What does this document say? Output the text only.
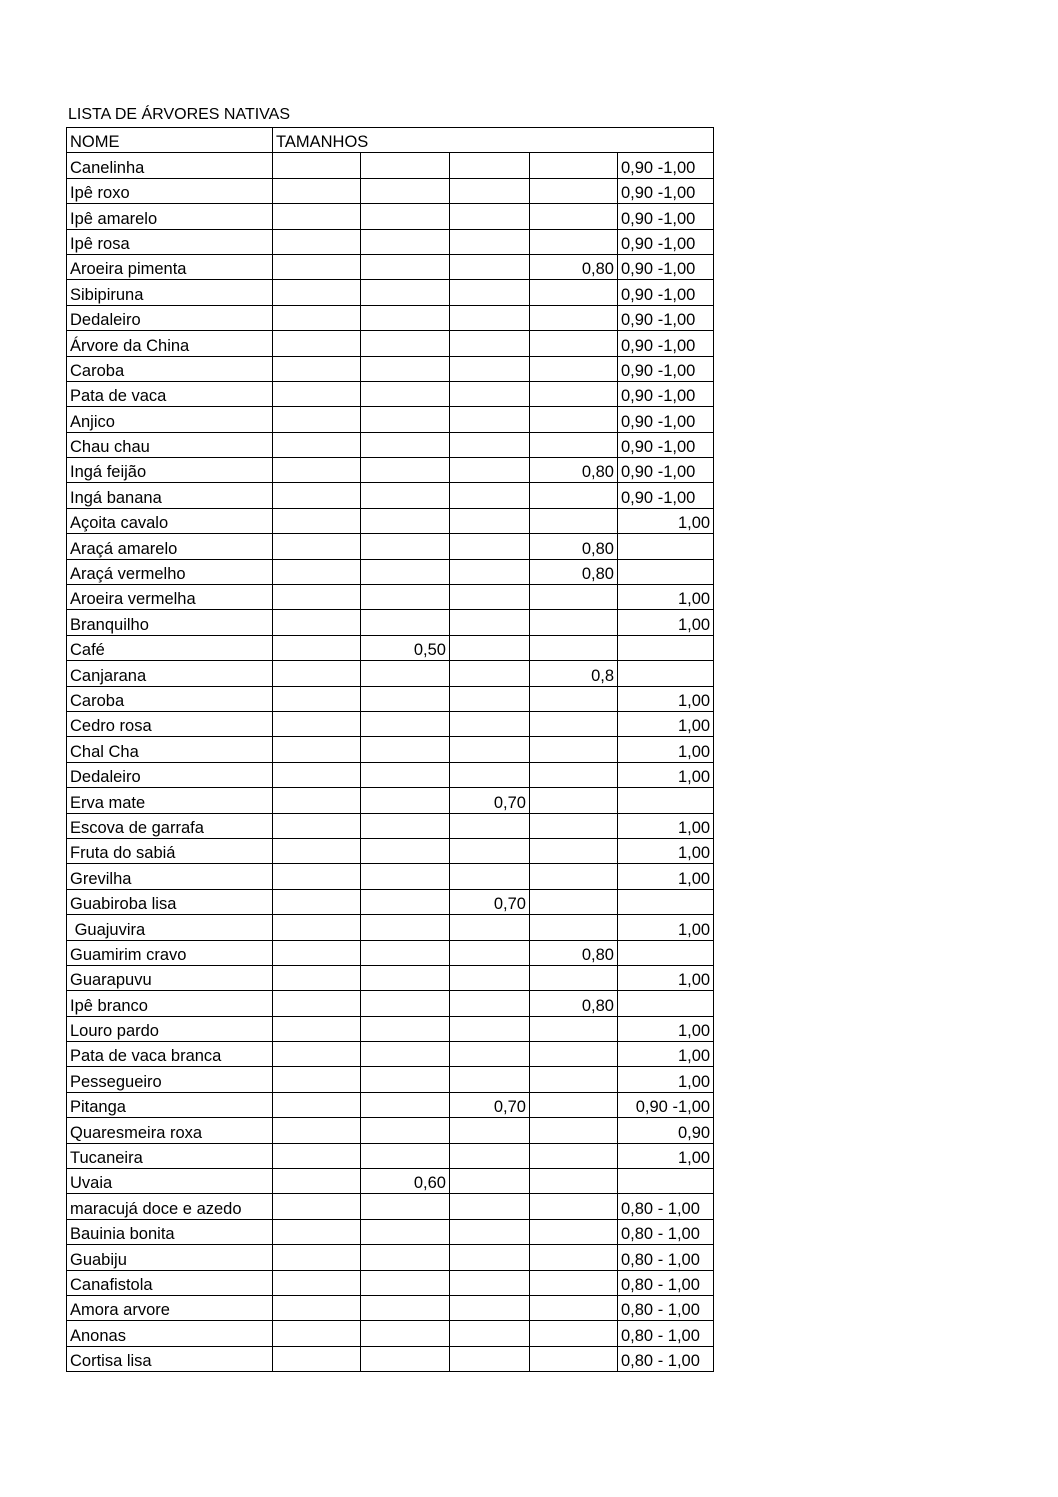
LISTA DE ÁRVORES NATIVAS
NOME	TAMANHOS				
Canelinha					0,90 -1,00
Ipê roxo					0,90 -1,00
Ipê amarelo					0,90 -1,00
Ipê rosa					0,90 -1,00
Aroeira pimenta				0,80	0,90 -1,00
Sibipiruna					0,90 -1,00
Dedaleiro					0,90 -1,00
Árvore da China					0,90 -1,00
Caroba					0,90 -1,00
Pata de vaca					0,90 -1,00
Anjico					0,90 -1,00
Chau chau					0,90 -1,00
Ingá feijão				0,80	0,90 -1,00
Ingá banana					0,90 -1,00
Açoita cavalo					1,00
Araçá amarelo				0,80	
Araçá vermelho				0,80	
Aroeira vermelha					1,00
Branquilho					1,00
Café		0,50			
Canjarana				0,8	
Caroba					1,00
Cedro rosa					1,00
Chal Cha					1,00
Dedaleiro					1,00
Erva mate			0,70		
Escova de garrafa					1,00
Fruta do sabiá					1,00
Grevilha					1,00
Guabiroba lisa			0,70		
Guajuvira					1,00
Guamirim cravo				0,80	
Guarapuvu					1,00
Ipê branco				0,80	
Louro pardo					1,00
Pata de vaca branca					1,00
Pessegueiro					1,00
Pitanga			0,70		0,90 -1,00
Quaresmeira roxa					0,90
Tucaneira					1,00
Uvaia		0,60			
maracujá doce e azedo					0,80 - 1,00
Bauinia bonita					0,80 - 1,00
Guabiju					0,80 - 1,00
Canafistola					0,80 - 1,00
Amora arvore					0,80 - 1,00
Anonas					0,80 - 1,00
Cortisa lisa					0,80 - 1,00
